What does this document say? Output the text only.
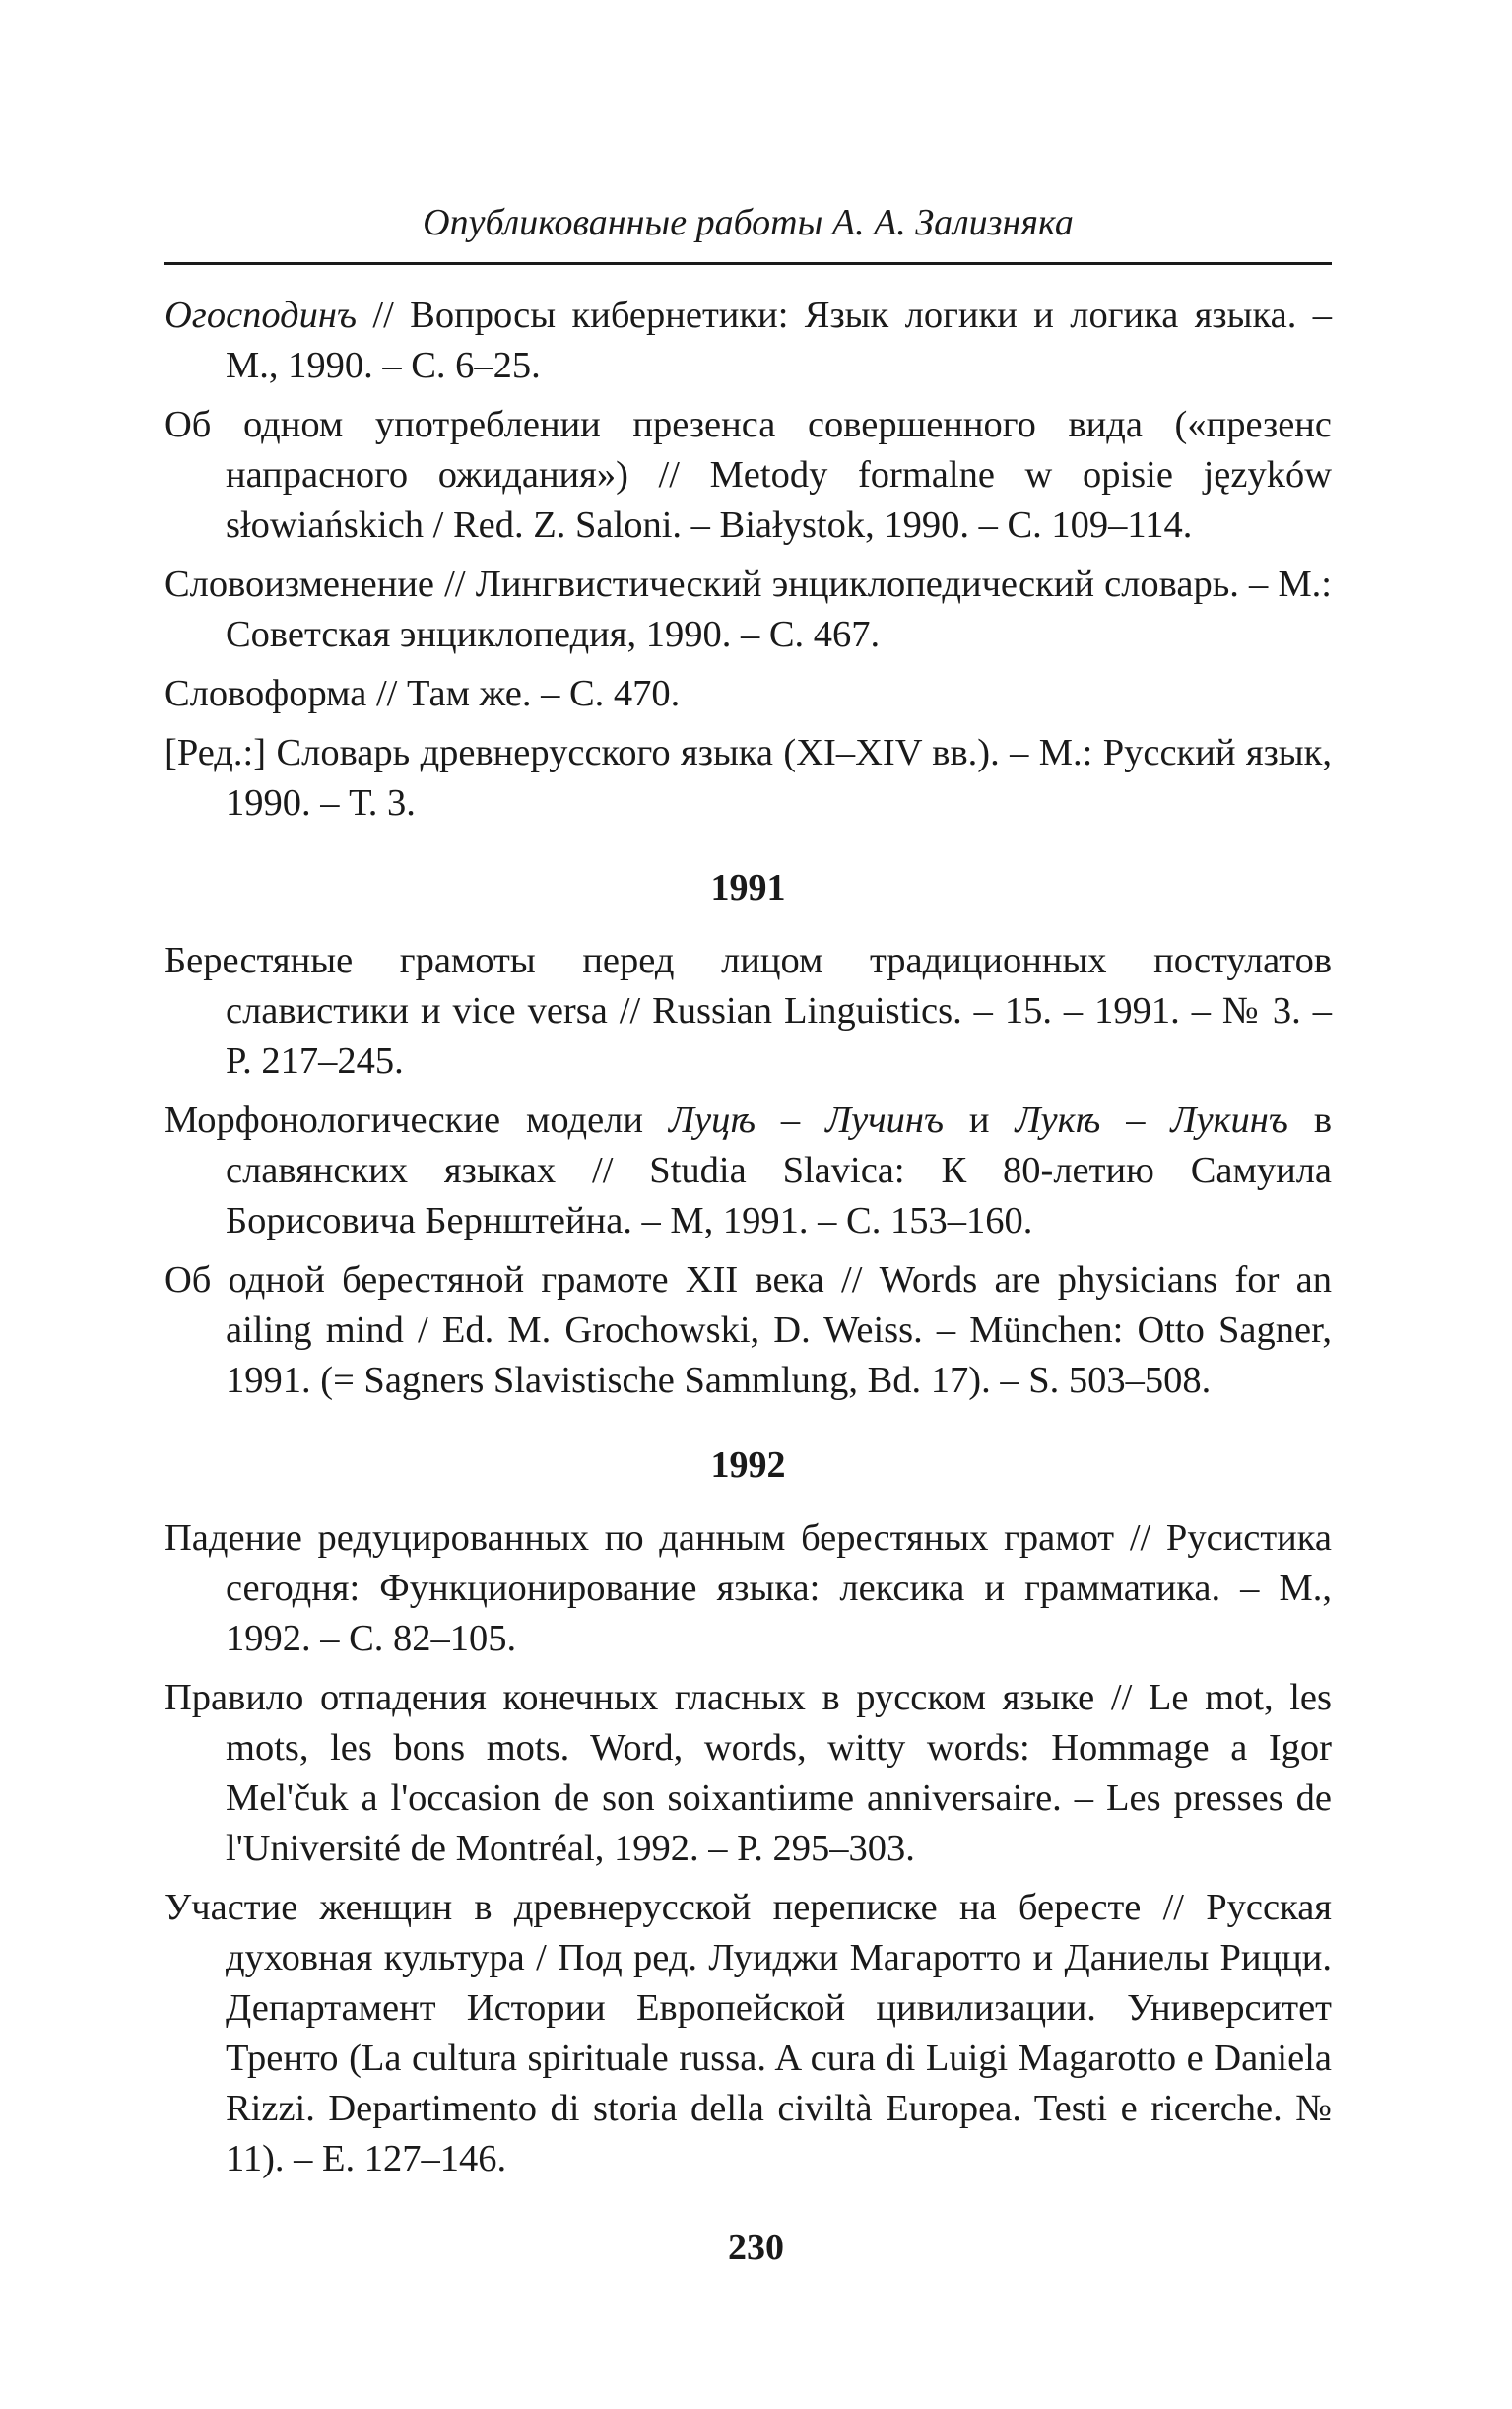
Опубликованные работы А. А. Зализняка

Огосподинъ // Вопросы кибернетики: Язык логики и логика языка. – М., 1990. – С. 6–25.

Об одном употреблении презенса совершенного вида («презенс напрасного ожидания») // Metody formalne w opisie języków słowiańskich / Red. Z. Saloni. – Białystok, 1990. – C. 109–114.

Словоизменение // Лингвистический энциклопедический словарь. – М.: Советская энциклопедия, 1990. – С. 467.

Словоформа // Там же. – С. 470.

[Ред.:] Словарь древнерусского языка (XI–XIV вв.). – М.: Русский язык, 1990. – Т. 3.

1991

Берестяные грамоты перед лицом традиционных постулатов славистики и vice versa // Russian Linguistics. – 15. – 1991. – № 3. – P. 217–245.

Морфонологические модели Луцѣ – Лучинъ и Лукѣ – Лукинъ в славянских языках // Studia Slavica: К 80-летию Самуила Борисовича Бернштейна. – М, 1991. – С. 153–160.

Об одной берестяной грамоте XII века // Words are physicians for an ailing mind / Ed. M. Grochowski, D. Weiss. – München: Otto Sagner, 1991. (= Sagners Slavistische Sammlung, Bd. 17). – S. 503–508.

1992

Падение редуцированных по данным берестяных грамот // Русистика сегодня: Функционирование языка: лексика и грамматика. – М., 1992. – С. 82–105.

Правило отпадения конечных гласных в русском языке // Le mot, les mots, les bons mots. Word, words, witty words: Hommage a Igor Mel'čuk a l'occasion de son soixantiиme anniversaire. – Les presses de l'Université de Montréal, 1992. – P. 295–303.

Участие женщин в древнерусской переписке на бересте // Русская духовная культура / Под ред. Луиджи Магаротто и Даниелы Рицци. Департамент Истории Европейской цивилизации. Университет Тренто (La cultura spirituale russa. A cura di Luigi Magarotto e Daniela Rizzi. Departimento di storia della civiltà Europea. Testi e ricerche. № 11). – E. 127–146.

230
